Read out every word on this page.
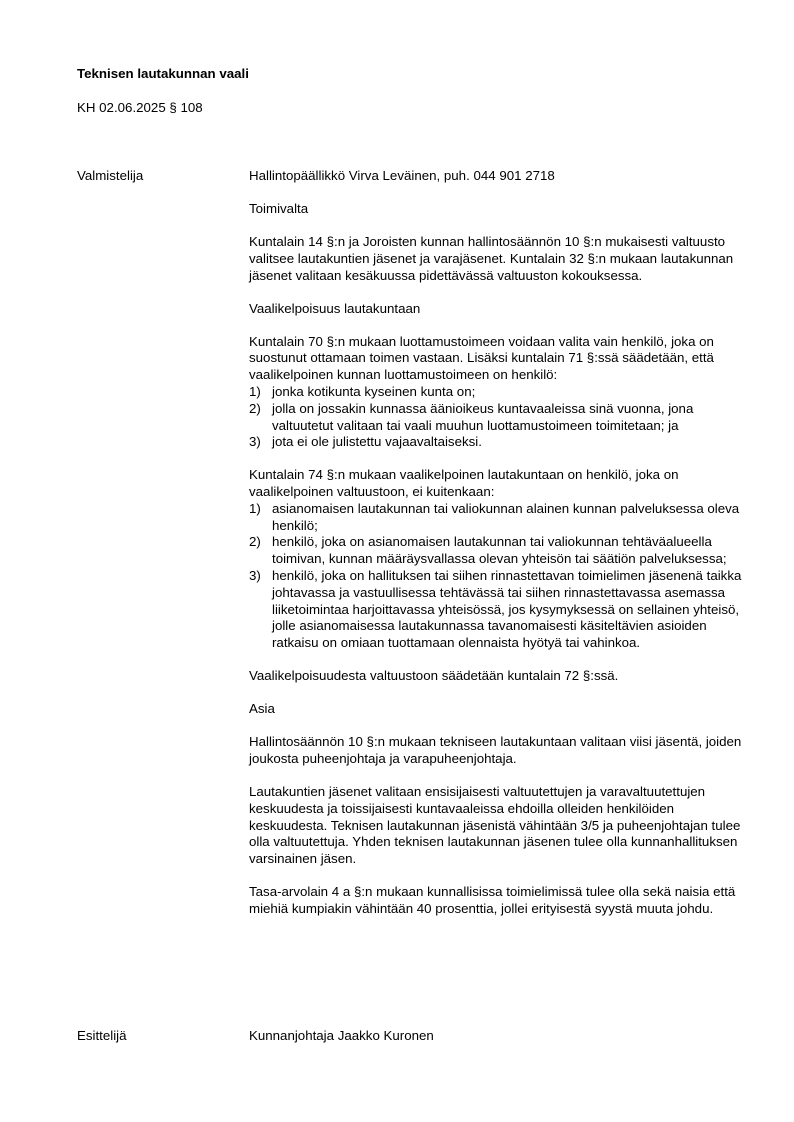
Teknisen lautakunnan vaali
KH 02.06.2025 § 108
Valmistelija	Hallintopäällikkö Virva Leväinen, puh. 044 901 2718

Toimivalta

Kuntalain 14 §:n ja Joroisten kunnan hallintosäännön 10 §:n mukaisesti valtuusto valitsee lautakuntien jäsenet ja varajäsenet. Kuntalain 32 §:n mukaan lautakunnan jäsenet valitaan kesäkuussa pidettävässä valtuuston kokouksessa.

Vaalikelpoisuus lautakuntaan

Kuntalain 70 §:n mukaan luottamustoimeen voidaan valita vain henkilö, joka on suostunut ottamaan toimen vastaan. Lisäksi kuntalain 71 §:ssä säädetään, että vaalikelpoinen kunnan luottamustoimeen on henkilö:
1) jonka kotikunta kyseinen kunta on;
2) jolla on jossakin kunnassa äänioikeus kuntavaaleissa sinä vuonna, jona valtuutetut valitaan tai vaali muuhun luottamustoimeen toimitetaan; ja
3) jota ei ole julistettu vajaavaltaiseksi.
Kuntalain 74 §:n mukaan vaalikelpoinen lautakuntaan on henkilö, joka on vaalikelpoinen valtuustoon, ei kuitenkaan:
1) asianomaisen lautakunnan tai valiokunnan alainen kunnan palveluksessa oleva henkilö;
2) henkilö, joka on asianomaisen lautakunnan tai valiokunnan tehtäväalueella toimivan, kunnan määräysvallassa olevan yhteisön tai säätiön palveluksessa;
3) henkilö, joka on hallituksen tai siihen rinnastettavan toimielimen jäsenenä taikka johtavassa ja vastuullisessa tehtävässä tai siihen rinnastettavassa asemassa liiketoimintaa harjoittavassa yhteisössä, jos kysymyksessä on sellainen yhteisö, jolle asianomaisessa lautakunnassa tavanomaisesti käsiteltävien asioiden ratkaisu on omiaan tuottamaan olennaista hyötyä tai vahinkoa.

Vaalikelpoisuudesta valtuustoon säädetään kuntalain 72 §:ssä.

Asia

Hallintosäännön 10 §:n mukaan tekniseen lautakuntaan valitaan viisi jäsentä, joiden joukosta puheenjohtaja ja varapuheenjohtaja.

Lautakuntien jäsenet valitaan ensisijaisesti valtuutettujen ja varavaltuutettujen keskuudesta ja toissijaisesti kuntavaaleissa ehdoilla olleiden henkilöiden keskuudesta. Teknisen lautakunnan jäsenistä vähintään 3/5 ja puheenjohtajan tulee olla valtuutettuja. Yhden teknisen lautakunnan jäsenen tulee olla kunnanhallituksen varsinainen jäsen.

Tasa-arvolain 4 a §:n mukaan kunnallisissa toimielimissä tulee olla sekä naisia että miehiä kumpiakin vähintään 40 prosenttia, jollei erityisestä syystä muuta johdu.

Esittelijä	Kunnanjohtaja Jaakko Kuronen
